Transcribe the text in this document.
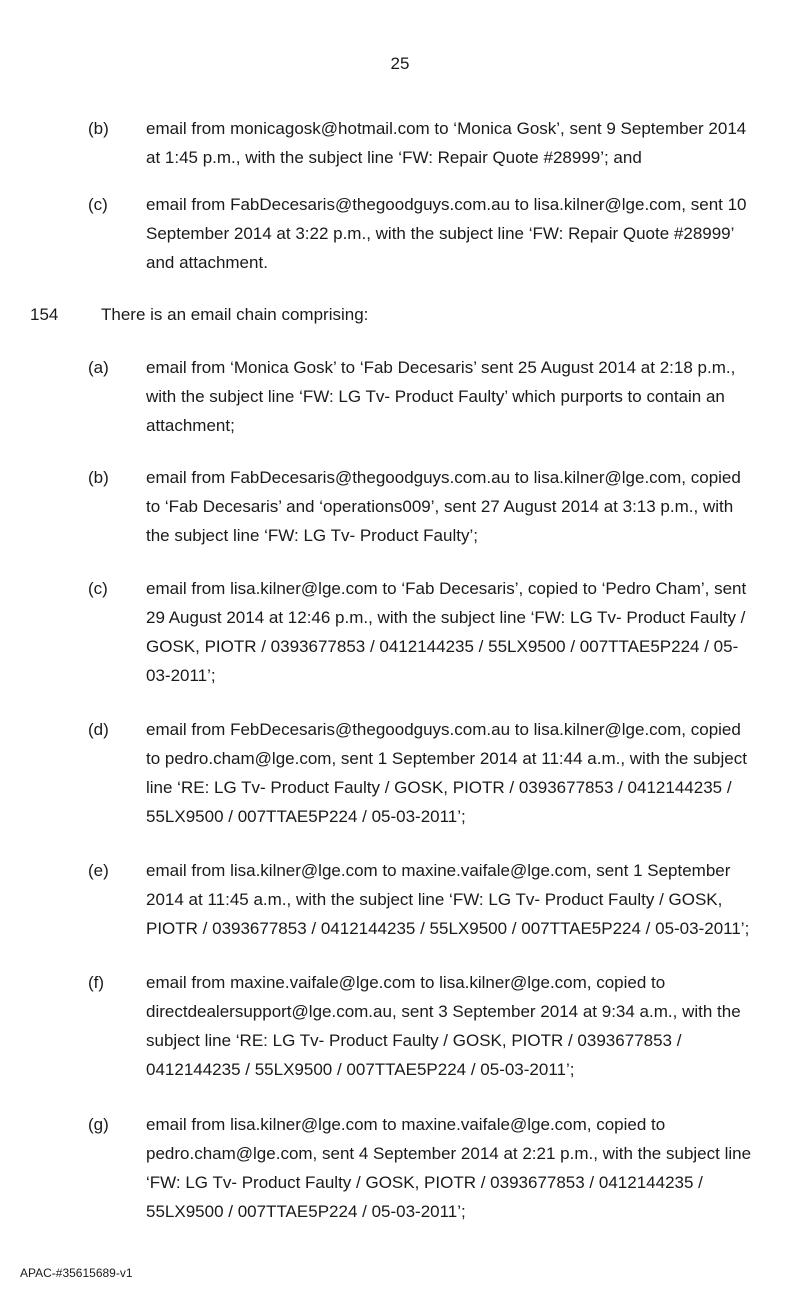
25
(b) email from monicagosk@hotmail.com to ‘Monica Gosk’, sent 9 September 2014
at 1:45 p.m., with the subject line ‘FW: Repair Quote #28999’; and
(c) email from FabDecesaris@thegoodguys.com.au to lisa.kilner@lge.com, sent 10
September 2014 at 3:22 p.m., with the subject line ‘FW: Repair Quote #28999’
and attachment.
154	There is an email chain comprising:
(a) email from ‘Monica Gosk’ to ‘Fab Decesaris’ sent 25 August 2014 at 2:18 p.m.,
with the subject line ‘FW: LG Tv- Product Faulty’ which purports to contain an
attachment;
(b) email from FabDecesaris@thegoodguys.com.au to lisa.kilner@lge.com, copied
to ‘Fab Decesaris’ and ‘operations009’, sent 27 August 2014 at 3:13 p.m., with
the subject line ‘FW: LG Tv- Product Faulty’;
(c) email from lisa.kilner@lge.com to ‘Fab Decesaris’, copied to ‘Pedro Cham’, sent
29 August 2014 at 12:46 p.m., with the subject line ‘FW: LG Tv- Product Faulty /
GOSK, PIOTR / 0393677853 / 0412144235 / 55LX9500 / 007TTAE5P224 / 05-
03-2011’;
(d) email from FebDecesaris@thegoodguys.com.au to lisa.kilner@lge.com, copied
to pedro.cham@lge.com, sent 1 September 2014 at 11:44 a.m., with the subject
line ‘RE: LG Tv- Product Faulty / GOSK, PIOTR / 0393677853 / 0412144235 /
55LX9500 / 007TTAE5P224 / 05-03-2011’;
(e) email from lisa.kilner@lge.com to maxine.vaifale@lge.com, sent 1 September
2014 at 11:45 a.m., with the subject line ‘FW: LG Tv- Product Faulty / GOSK,
PIOTR / 0393677853 / 0412144235 / 55LX9500 / 007TTAE5P224 / 05-03-2011’;
(f) email from maxine.vaifale@lge.com to lisa.kilner@lge.com, copied to
directdealersupport@lge.com.au, sent 3 September 2014 at 9:34 a.m., with the
subject line ‘RE: LG Tv- Product Faulty / GOSK, PIOTR / 0393677853 /
0412144235 / 55LX9500 / 007TTAE5P224 / 05-03-2011’;
(g) email from lisa.kilner@lge.com to maxine.vaifale@lge.com, copied to
pedro.cham@lge.com, sent 4 September 2014 at 2:21 p.m., with the subject line
‘FW: LG Tv- Product Faulty / GOSK, PIOTR / 0393677853 / 0412144235 /
55LX9500 / 007TTAE5P224 / 05-03-2011’;
APAC-#35615689-v1
